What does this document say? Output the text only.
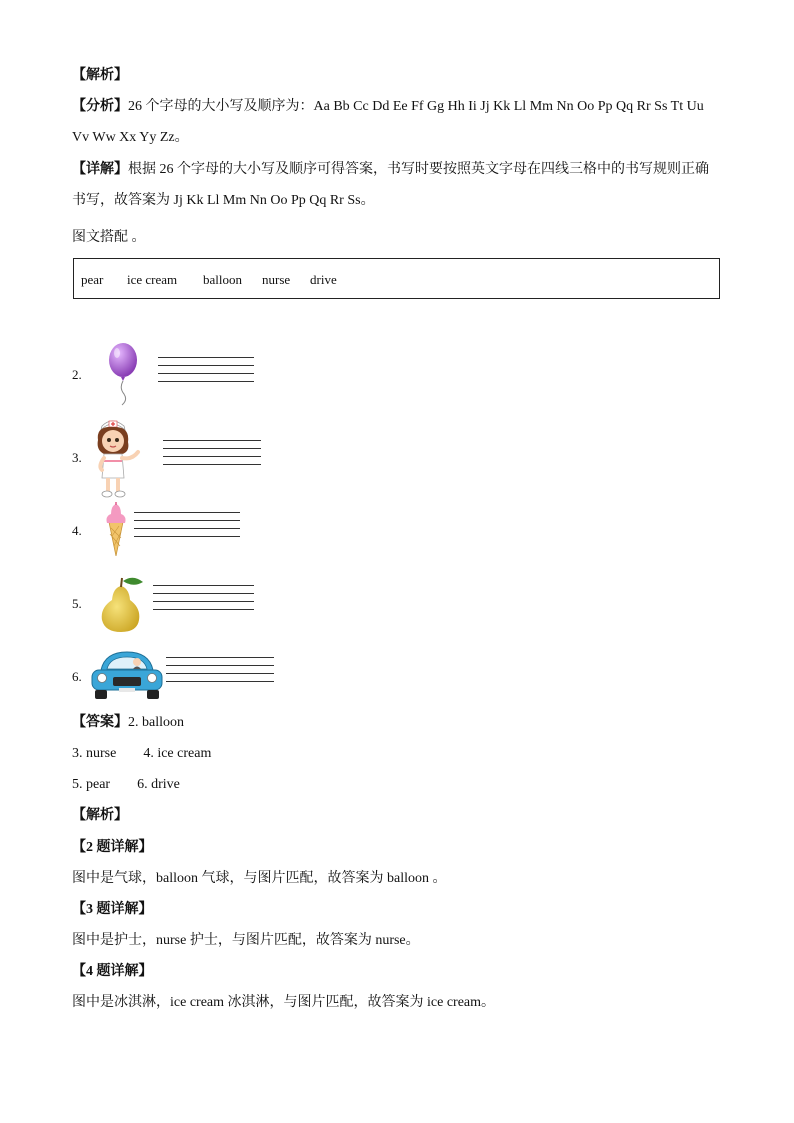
【解析】
【分析】26 个字母的大小写及顺序为：Aa Bb Cc Dd Ee Ff Gg Hh Ii Jj Kk Ll Mm Nn Oo Pp Qq Rr Ss Tt Uu
Vv Ww Xx Yy Zz。
【详解】根据 26 个字母的大小写及顺序可得答案，书写时要按照英文字母在四线三格中的书写规则正确
书写，故答案为 Jj Kk Ll Mm Nn Oo Pp Qq Rr Ss。
图文搭配 。
pear ice cream balloon nurse drive
2.
3.
4.
5.
6.
【答案】2. balloon
3. nurse 4. ice cream
5. pear 6. drive
【解析】
【2 题详解】
图中是气球，balloon 气球，与图片匹配，故答案为 balloon 。
【3 题详解】
图中是护士，nurse 护士，与图片匹配，故答案为 nurse。
【4 题详解】
图中是冰淇淋，ice cream 冰淇淋，与图片匹配，故答案为 ice cream。
